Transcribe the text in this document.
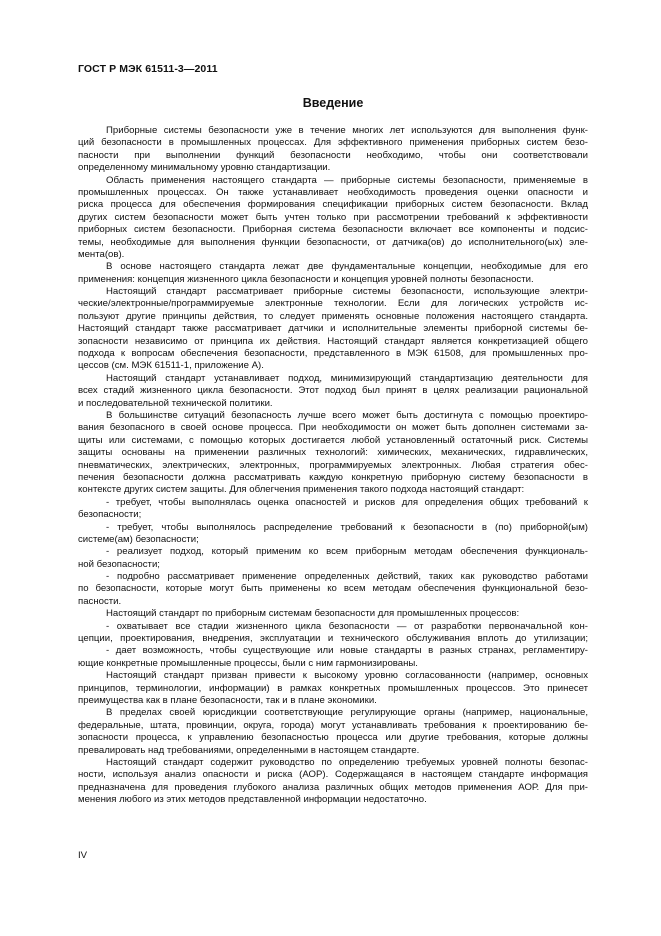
ГОСТ Р МЭК 61511-3—2011
Введение
Приборные системы безопасности уже в течение многих лет используются для выполнения функ-
ций безопасности в промышленных процессах. Для эффективного применения приборных систем безо-
пасности при выполнении функций безопасности необходимо, чтобы они соответствовали
определенному минимальному уровню стандартизации.
Область применения настоящего стандарта — приборные системы безопасности, применяемые в
промышленных процессах. Он также устанавливает необходимость проведения оценки опасности и
риска процесса для обеспечения формирования спецификации приборных систем безопасности. Вклад
других систем безопасности может быть учтен только при рассмотрении требований к эффективности
приборных систем безопасности. Приборная система безопасности включает все компоненты и подсис-
темы, необходимые для выполнения функции безопасности, от датчика(ов) до исполнительного(ых) эле-
мента(ов).
В основе настоящего стандарта лежат две фундаментальные концепции, необходимые для его
применения: концепция жизненного цикла безопасности и концепция уровней полноты безопасности.
Настоящий стандарт рассматривает приборные системы безопасности, использующие электри-
ческие/электронные/программируемые электронные технологии. Если для логических устройств ис-
пользуют другие принципы действия, то следует применять основные положения настоящего стандарта.
Настоящий стандарт также рассматривает датчики и исполнительные элементы приборной системы бе-
зопасности независимо от принципа их действия. Настоящий стандарт является конкретизацией общего
подхода к вопросам обеспечения безопасности, представленного в МЭК 61508, для промышленных про-
цессов (см. МЭК 61511-1, приложение А).
Настоящий стандарт устанавливает подход, минимизирующий стандартизацию деятельности для
всех стадий жизненного цикла безопасности. Этот подход был принят в целях реализации рациональной
и последовательной технической политики.
В большинстве ситуаций безопасность лучше всего может быть достигнута с помощью проектиро-
вания безопасного в своей основе процесса. При необходимости он может быть дополнен системами за-
щиты или системами, с помощью которых достигается любой установленный остаточный риск. Системы
защиты основаны на применении различных технологий: химических, механических, гидравлических,
пневматических, электрических, электронных, программируемых электронных. Любая стратегия обес-
печения безопасности должна рассматривать каждую конкретную приборную систему безопасности в
контексте других систем защиты. Для облегчения применения такого подхода настоящий стандарт:
- требует, чтобы выполнялась оценка опасностей и рисков для определения общих требований к
безопасности;
- требует, чтобы выполнялось распределение требований к безопасности в (по) приборной(ым)
системе(ам) безопасности;
- реализует подход, который применим ко всем приборным методам обеспечения функциональ-
ной безопасности;
- подробно рассматривает применение определенных действий, таких как руководство работами
по безопасности, которые могут быть применены ко всем методам обеспечения функциональной безо-
пасности.
Настоящий стандарт по приборным системам безопасности для промышленных процессов:
- охватывает все стадии жизненного цикла безопасности — от разработки первоначальной кон-
цепции, проектирования, внедрения, эксплуатации и технического обслуживания вплоть до утилизации;
- дает возможность, чтобы существующие или новые стандарты в разных странах, регламентиру-
ющие конкретные промышленные процессы, были с ним гармонизированы.
Настоящий стандарт призван привести к высокому уровню согласованности (например, основных
принципов, терминологии, информации) в рамках конкретных промышленных процессов. Это принесет
преимущества как в плане безопасности, так и в плане экономики.
В пределах своей юрисдикции соответствующие регулирующие органы (например, национальные,
федеральные, штата, провинции, округа, города) могут устанавливать требования к проектированию бе-
зопасности процесса, к управлению безопасностью процесса или другие требования, которые должны
превалировать над требованиями, определенными в настоящем стандарте.
Настоящий стандарт содержит руководство по определению требуемых уровней полноты безопас-
ности, используя анализ опасности и риска (АОР). Содержащаяся в настоящем стандарте информация
предназначена для проведения глубокого анализа различных общих методов применения АОР. Для при-
менения любого из этих методов представленной информации недостаточно.
IV
